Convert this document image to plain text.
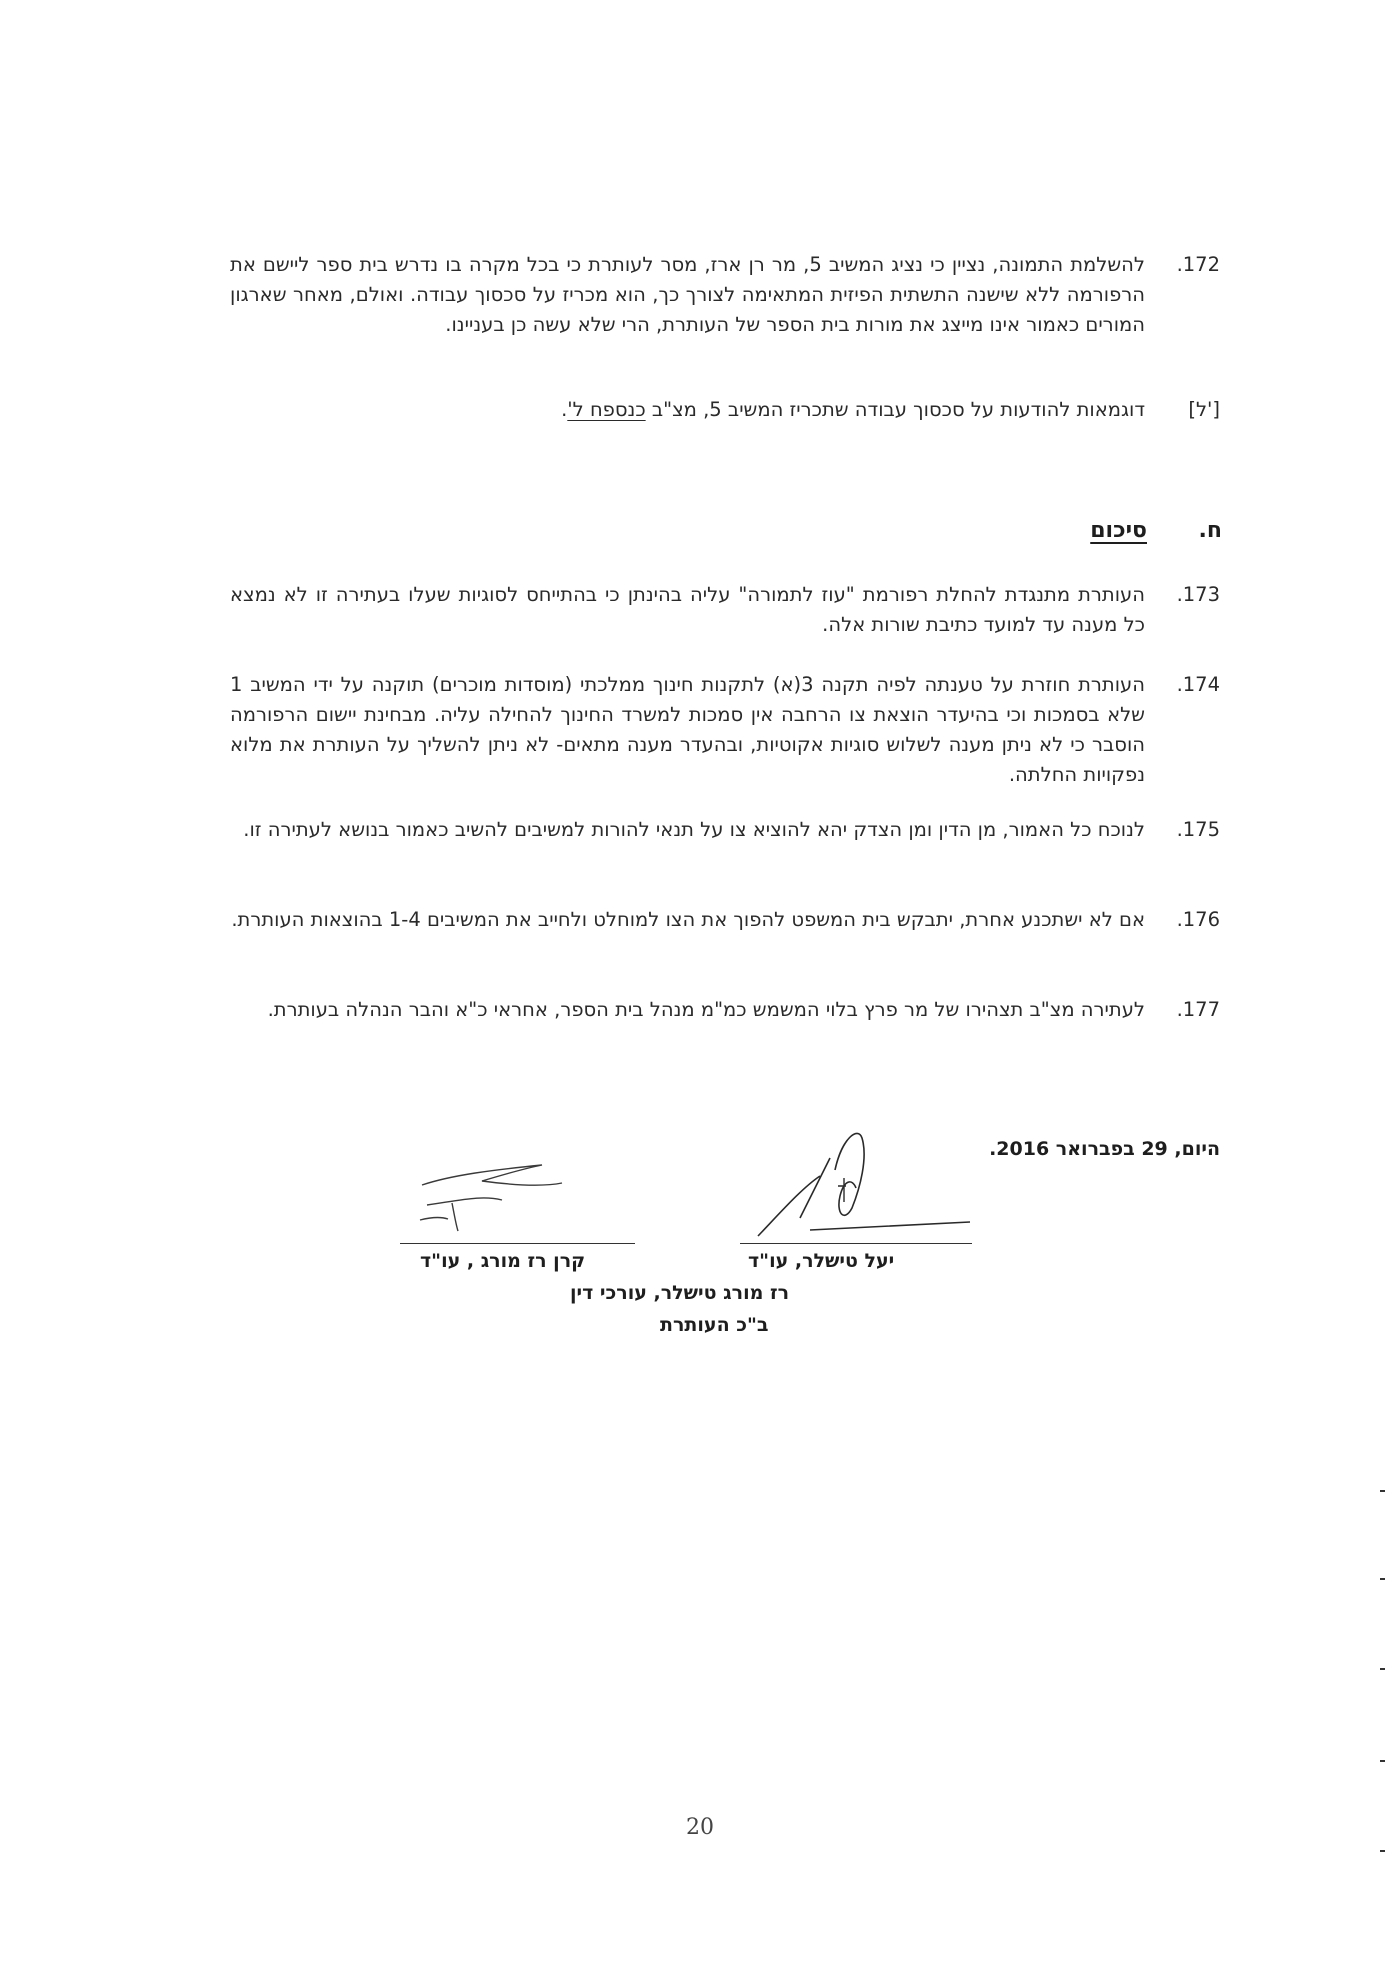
.172
להשלמת התמונה, נציין כי נציג המשיב 5, מר רן ארז, מסר לעותרת כי בכל מקרה בו נדרש בית ספר ליישם את הרפורמה ללא שישנה התשתית הפיזית המתאימה לצורך כך, הוא מכריז על סכסוך עבודה. ואולם, מאחר שארגון המורים כאמור אינו מייצג את מורות בית הספר של העותרת, הרי שלא עשה כן בעניינו.
[ל']
דוגמאות להודעות על סכסוך עבודה שתכריז המשיב 5, מצ"ב כנספח ל'.
ח.
סיכום
.173
העותרת מתנגדת להחלת רפורמת "עוז לתמורה" עליה בהינתן כי בהתייחס לסוגיות שעלו בעתירה זו לא נמצא כל מענה עד למועד כתיבת שורות אלה.
.174
העותרת חוזרת על טענתה לפיה תקנה 3(א) לתקנות חינוך ממלכתי (מוסדות מוכרים) תוקנה על ידי המשיב 1 שלא בסמכות וכי בהיעדר הוצאת צו הרחבה אין סמכות למשרד החינוך להחילה עליה. מבחינת יישום הרפורמה הוסבר כי לא ניתן מענה לשלוש סוגיות אקוטיות, ובהעדר מענה מתאים- לא ניתן להשליך על העותרת את מלוא נפקויות החלתה.
.175
לנוכח כל האמור, מן הדין ומן הצדק יהא להוציא צו על תנאי להורות למשיבים להשיב כאמור בנושא לעתירה זו.
.176
אם לא ישתכנע אחרת, יתבקש בית המשפט להפוך את הצו למוחלט ולחייב את המשיבים 1-4 בהוצאות העותרת.
.177
לעתירה מצ"ב תצהירו של מר פרץ בלוי המשמש כמ"מ מנהל בית הספר, אחראי כ"א והבר הנהלה בעותרת.
היום, 29 בפברואר 2016.
יעל טישלר, עו"ד
קרן רז מורג , עו"ד
רז מורג טישלר, עורכי דין
ב"כ העותרת
20
